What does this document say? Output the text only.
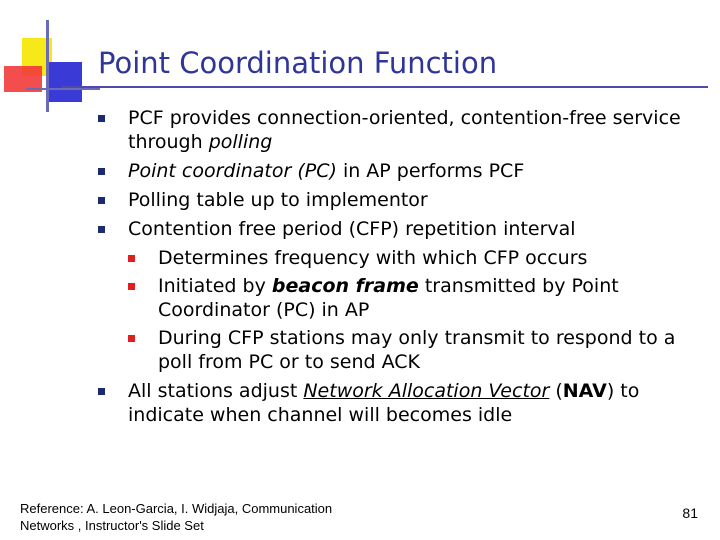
Point Coordination Function
PCF provides connection-oriented, contention-free service through polling
Point coordinator (PC) in AP performs PCF
Polling table up to implementor
Contention free period (CFP) repetition interval
Determines frequency with which CFP occurs
Initiated by beacon frame transmitted by Point Coordinator (PC) in AP
During CFP stations may only transmit to respond to a poll from PC or to send ACK
All stations adjust Network Allocation Vector (NAV) to indicate when channel will becomes idle
Reference: A. Leon-Garcia, I. Widjaja, Communication Networks , Instructor's Slide Set
81
